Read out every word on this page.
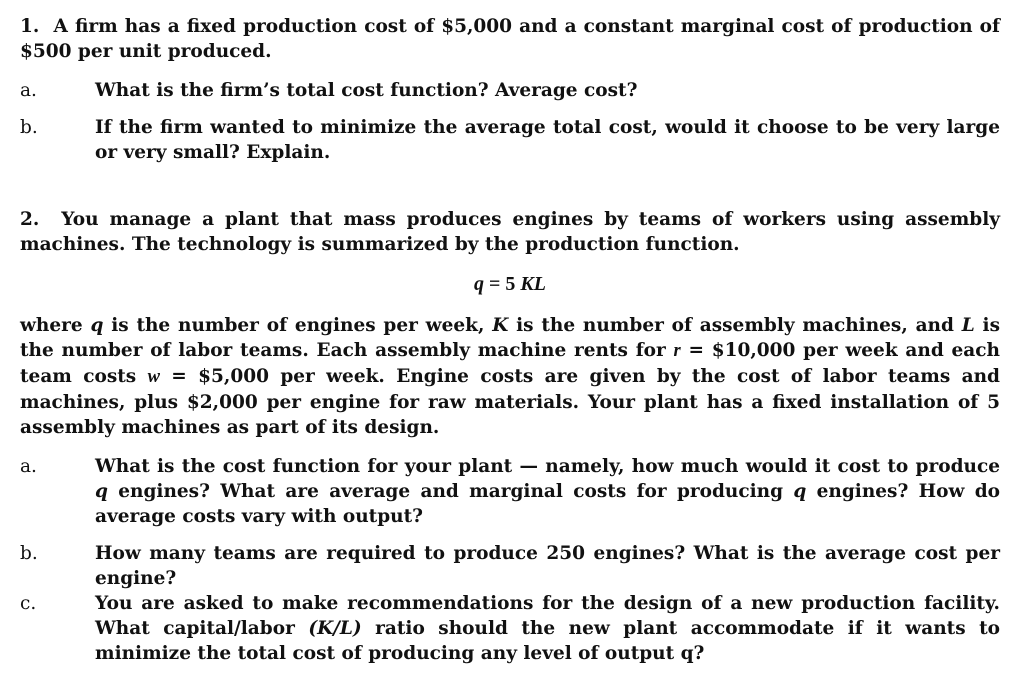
1. A firm has a fixed production cost of $5,000 and a constant marginal cost of production of $500 per unit produced.

a.	What is the firm’s total cost function? Average cost?
b.	If the firm wanted to minimize the average total cost, would it choose to be very large or very small? Explain.

2. You manage a plant that mass produces engines by teams of workers using assembly machines. The technology is summarized by the production function.

q = 5 KL

where q is the number of engines per week, K is the number of assembly machines, and L is the number of labor teams. Each assembly machine rents for r = $10,000 per week and each team costs w = $5,000 per week. Engine costs are given by the cost of labor teams and machines, plus $2,000 per engine for raw materials. Your plant has a fixed installation of 5 assembly machines as part of its design.

a.	What is the cost function for your plant — namely, how much would it cost to produce q engines? What are average and marginal costs for producing q engines? How do average costs vary with output?
b.	How many teams are required to produce 250 engines? What is the average cost per engine?
c.	You are asked to make recommendations for the design of a new production facility. What capital/labor (K/L) ratio should the new plant accommodate if it wants to minimize the total cost of producing any level of output q?
